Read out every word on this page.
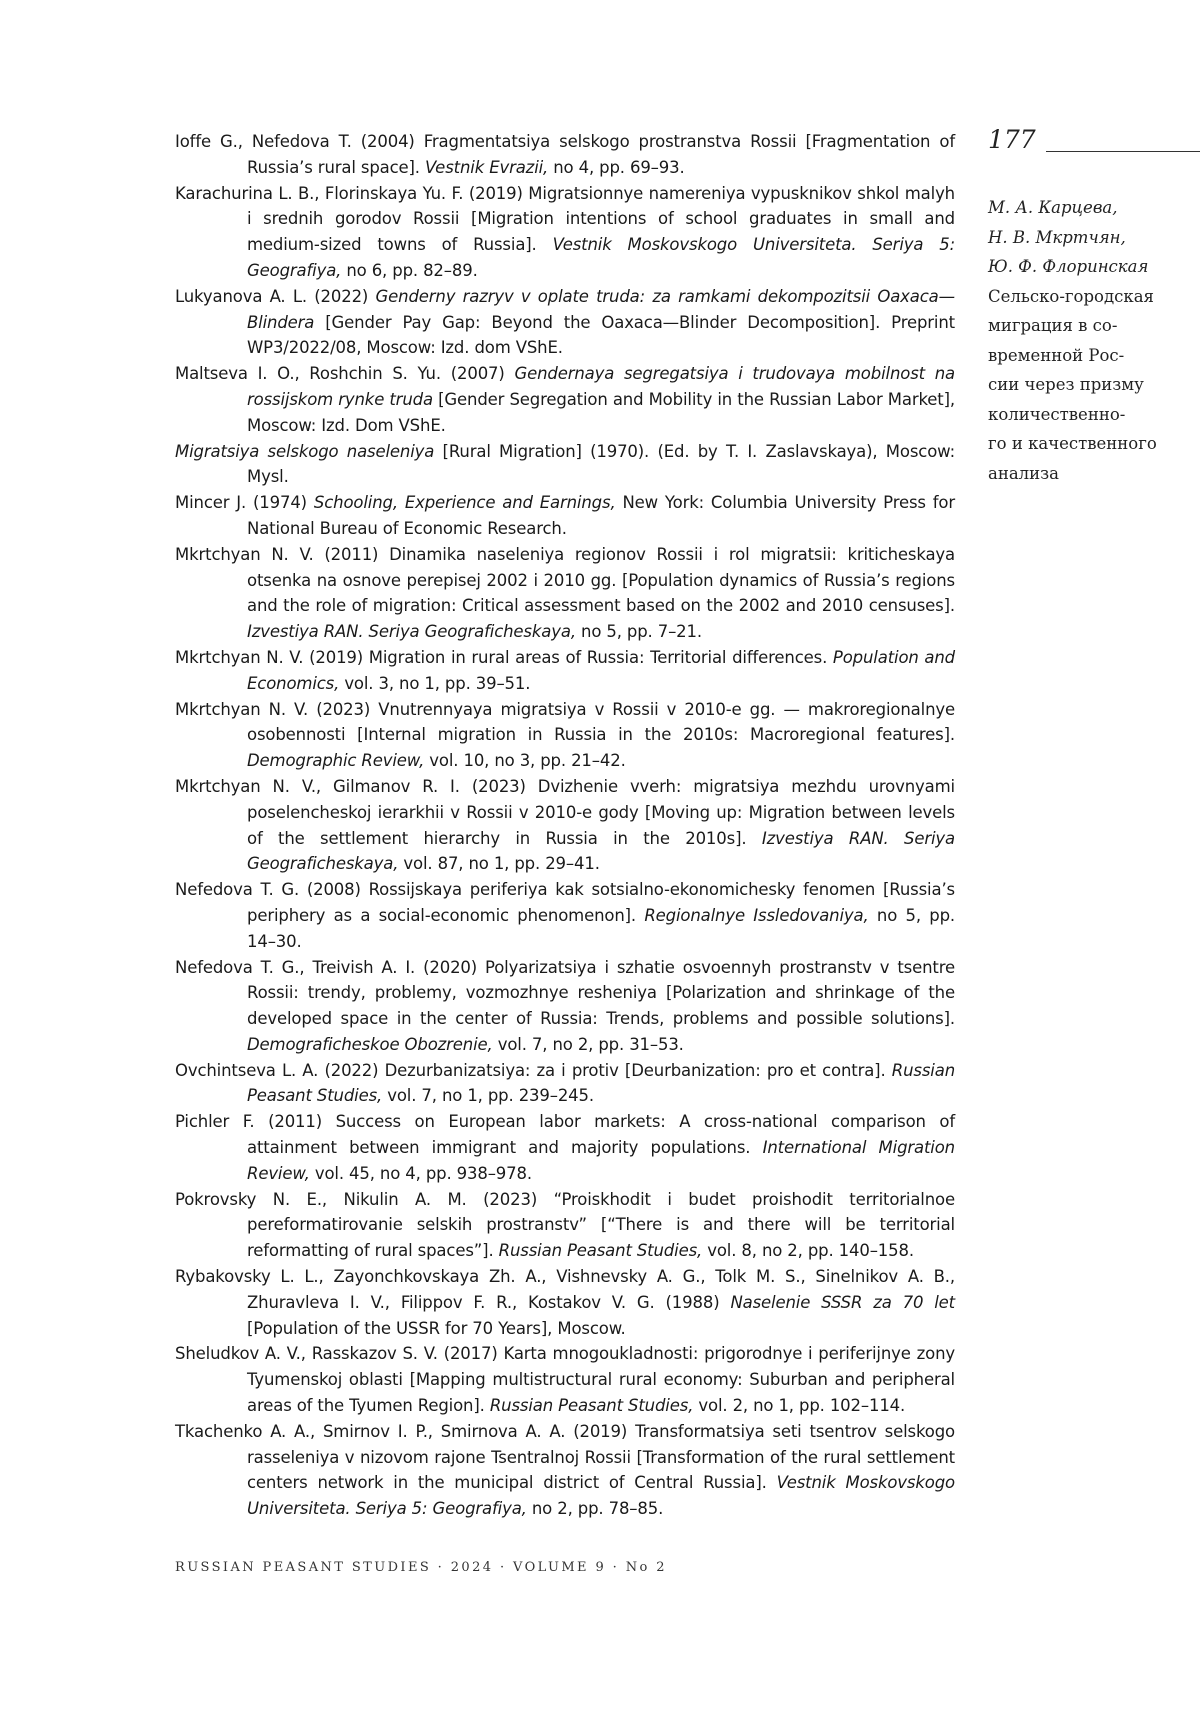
Ioffe G., Nefedova T. (2004) Fragmentatsiya selskogo prostranstva Rossii [Fragmentation of Russia’s rural space]. Vestnik Evrazii, no 4, pp. 69–93.

Karachurina L. B., Florinskaya Yu. F. (2019) Migratsionnye namereniya vypusknikov shkol malyh i srednih gorodov Rossii [Migration intentions of school graduates in small and medium-sized towns of Russia]. Vestnik Moskovskogo Universiteta. Seriya 5: Geografiya, no 6, pp. 82–89.

Lukyanova A. L. (2022) Genderny razryv v oplate truda: za ramkami dekompozitsii Oaxaca—Blindera [Gender Pay Gap: Beyond the Oaxaca—Blinder Decomposition]. Preprint WP3/2022/08, Moscow: Izd. dom VShE.

Maltseva I. O., Roshchin S. Yu. (2007) Gendernaya segregatsiya i trudovaya mobilnost na rossijskom rynke truda [Gender Segregation and Mobility in the Russian Labor Market], Moscow: Izd. Dom VShE.

Migratsiya selskogo naseleniya [Rural Migration] (1970). (Ed. by T. I. Zaslavskaya), Moscow: Mysl.

Mincer J. (1974) Schooling, Experience and Earnings, New York: Columbia University Press for National Bureau of Economic Research.

Mkrtchyan N. V. (2011) Dinamika naseleniya regionov Rossii i rol migratsii: kriticheskaya otsenka na osnove perepisej 2002 i 2010 gg. [Population dynamics of Russia’s regions and the role of migration: Critical assessment based on the 2002 and 2010 censuses]. Izvestiya RAN. Seriya Geograficheskaya, no 5, pp. 7–21.

Mkrtchyan N. V. (2019) Migration in rural areas of Russia: Territorial differences. Population and Economics, vol. 3, no 1, pp. 39–51.

Mkrtchyan N. V. (2023) Vnutrennyaya migratsiya v Rossii v 2010-e gg. — makroregionalnye osobennosti [Internal migration in Russia in the 2010s: Macroregional features]. Demographic Review, vol. 10, no 3, pp. 21–42.

Mkrtchyan N. V., Gilmanov R. I. (2023) Dvizhenie vverh: migratsiya mezhdu urovnyami poselencheskoj ierarkhii v Rossii v 2010-e gody [Moving up: Migration between levels of the settlement hierarchy in Russia in the 2010s]. Izvestiya RAN. Seriya Geograficheskaya, vol. 87, no 1, pp. 29–41.

Nefedova T. G. (2008) Rossijskaya periferiya kak sotsialno-ekonomichesky fenomen [Russia’s periphery as a social-economic phenomenon]. Regionalnye Issledovaniya, no 5, pp. 14–30.

Nefedova T. G., Treivish A. I. (2020) Polyarizatsiya i szhatie osvoennyh prostranstv v tsentre Rossii: trendy, problemy, vozmozhnye resheniya [Polarization and shrinkage of the developed space in the center of Russia: Trends, problems and possible solutions]. Demograficheskoe Obozrenie, vol. 7, no 2, pp. 31–53.

Ovchintseva L. A. (2022) Dezurbanizatsiya: za i protiv [Deurbanization: pro et contra]. Russian Peasant Studies, vol. 7, no 1, pp. 239–245.

Pichler F. (2011) Success on European labor markets: A cross-national comparison of attainment between immigrant and majority populations. International Migration Review, vol. 45, no 4, pp. 938–978.

Pokrovsky N. E., Nikulin A. M. (2023) “Proiskhodit i budet proishodit territorialnoe pereformatirovanie selskih prostranstv” [“There is and there will be territorial reformatting of rural spaces”]. Russian Peasant Studies, vol. 8, no 2, pp. 140–158.

Rybakovsky L. L., Zayonchkovskaya Zh. A., Vishnevsky A. G., Tolk M. S., Sinelnikov A. B., Zhuravleva I. V., Filippov F. R., Kostakov V. G. (1988) Naselenie SSSR za 70 let [Population of the USSR for 70 Years], Moscow.

Sheludkov A. V., Rasskazov S. V. (2017) Karta mnogoukladnosti: prigorodnye i periferijnye zony Tyumenskoj oblasti [Mapping multistructural rural economy: Suburban and peripheral areas of the Tyumen Region]. Russian Peasant Studies, vol. 2, no 1, pp. 102–114.

Tkachenko A. A., Smirnov I. P., Smirnova A. A. (2019) Transformatsiya seti tsentrov selskogo rasseleniya v nizovom rajone Tsentralnoj Rossii [Transformation of the rural settlement centers network in the municipal district of Central Russia]. Vestnik Moskovskogo Universiteta. Seriya 5: Geografiya, no 2, pp. 78–85.

177
М. А. Карцева,
Н. В. Мкртчян,
Ю. Ф. Флоринская
Сельско-городская
миграция в со-
временной Рос-
сии через призму
количественно-
го и качественного
анализа
RUSSIAN PEASANT STUDIES · 2024 · VOLUME 9 · No 2
